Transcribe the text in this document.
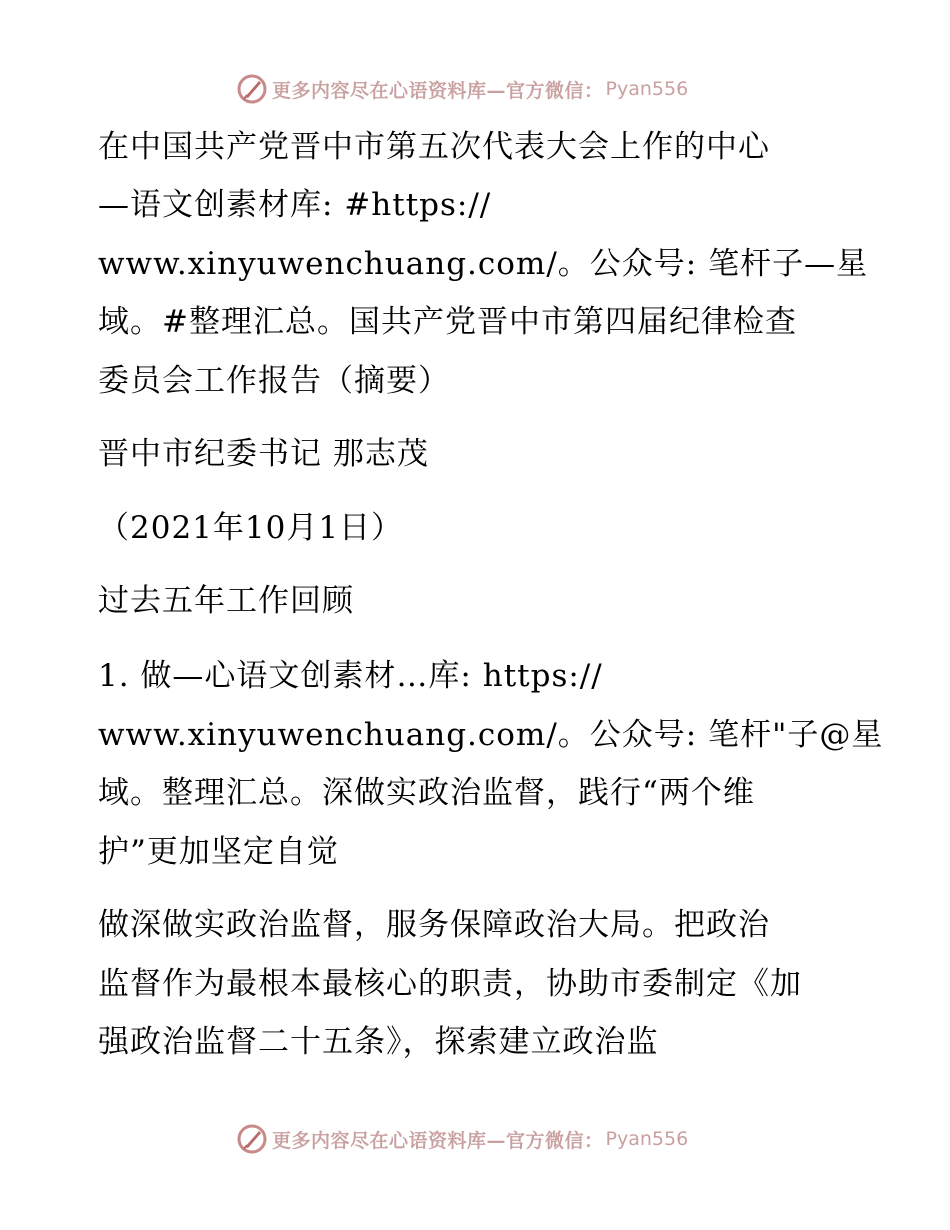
更多内容尽在心语资料库—官方微信： Pyan556
在中国共产党晋中市第五次代表大会上作的中心
—语文创素材库: #https://
www.xinyuwenchuang.com/。公众号: 笔杆子—星
域。#整理汇总。国共产党晋中市第四届纪律检查
委员会工作报告（摘要）
晋中市纪委书记 那志茂
（2021年10月1日）
过去五年工作回顾
1. 做—心语文创素材…库: https://
www.xinyuwenchuang.com/。公众号: 笔杆"子@星
域。整理汇总。深做实政治监督，践行“两个维
护”更加坚定自觉
做深做实政治监督，服务保障政治大局。把政治
监督作为最根本最核心的职责，协助市委制定《加
强政治监督二十五条》，探索建立政治监
更多内容尽在心语资料库—官方微信： Pyan556
